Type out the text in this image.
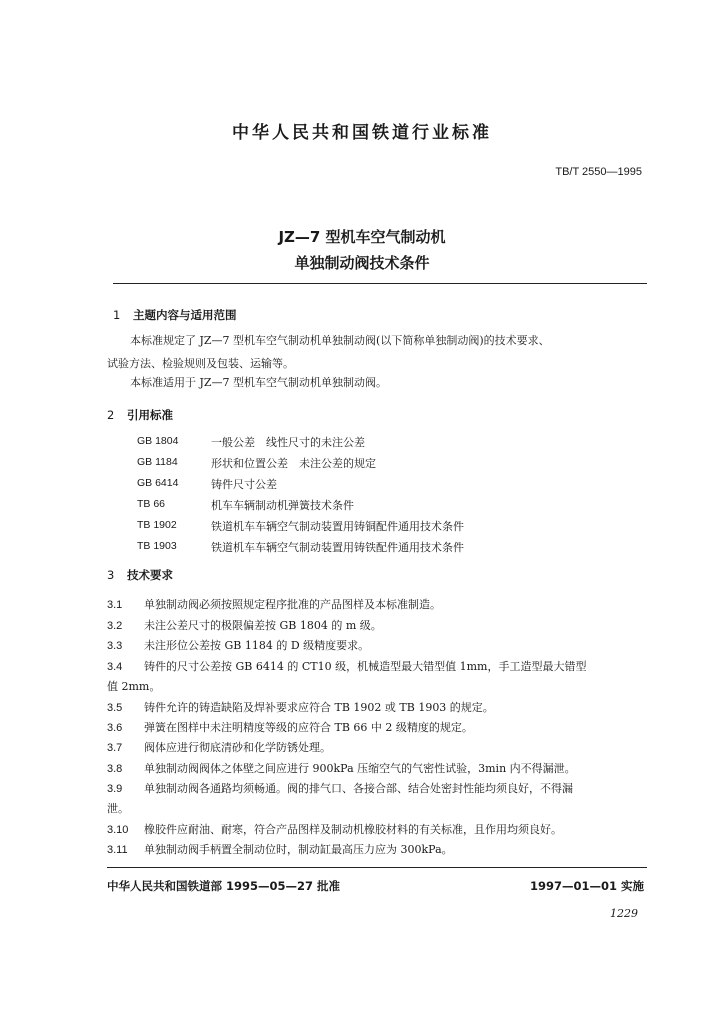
中华人民共和国铁道行业标准
TB/T 2550—1995
JZ—7 型机车空气制动机
单独制动阀技术条件
1 主题内容与适用范围
本标准规定了 JZ—7 型机车空气制动机单独制动阀(以下简称单独制动阀)的技术要求、
试验方法、检验规则及包装、运输等。
本标准适用于 JZ—7 型机车空气制动机单独制动阀。
2 引用标准
GB 1804	一般公差　线性尺寸的未注公差
GB 1184	形状和位置公差　未注公差的规定
GB 6414	铸件尺寸公差
TB 66	机车车辆制动机弹簧技术条件
TB 1902	铁道机车车辆空气制动装置用铸铜配件通用技术条件
TB 1903	铁道机车车辆空气制动装置用铸铁配件通用技术条件
3 技术要求
3.1 单独制动阀必须按照规定程序批准的产品图样及本标准制造。
3.2 未注公差尺寸的极限偏差按 GB 1804 的 m 级。
3.3 未注形位公差按 GB 1184 的 D 级精度要求。
3.4 铸件的尺寸公差按 GB 6414 的 CT10 级，机械造型最大错型值 1mm，手工造型最大错型
值 2mm。
3.5 铸件允许的铸造缺陷及焊补要求应符合 TB 1902 或 TB 1903 的规定。
3.6 弹簧在图样中未注明精度等级的应符合 TB 66 中 2 级精度的规定。
3.7 阀体应进行彻底清砂和化学防锈处理。
3.8 单独制动阀阀体之体壁之间应进行 900kPa 压缩空气的气密性试验，3min 内不得漏泄。
3.9 单独制动阀各通路均须畅通。阀的排气口、各接合部、结合处密封性能均须良好，不得漏
泄。
3.10 橡胶件应耐油、耐寒，符合产品图样及制动机橡胶材料的有关标准，且作用均须良好。
3.11 单独制动阀手柄置全制动位时，制动缸最高压力应为 300kPa。
中华人民共和国铁道部 1995—05—27 批准	1997—01—01 实施
1229
